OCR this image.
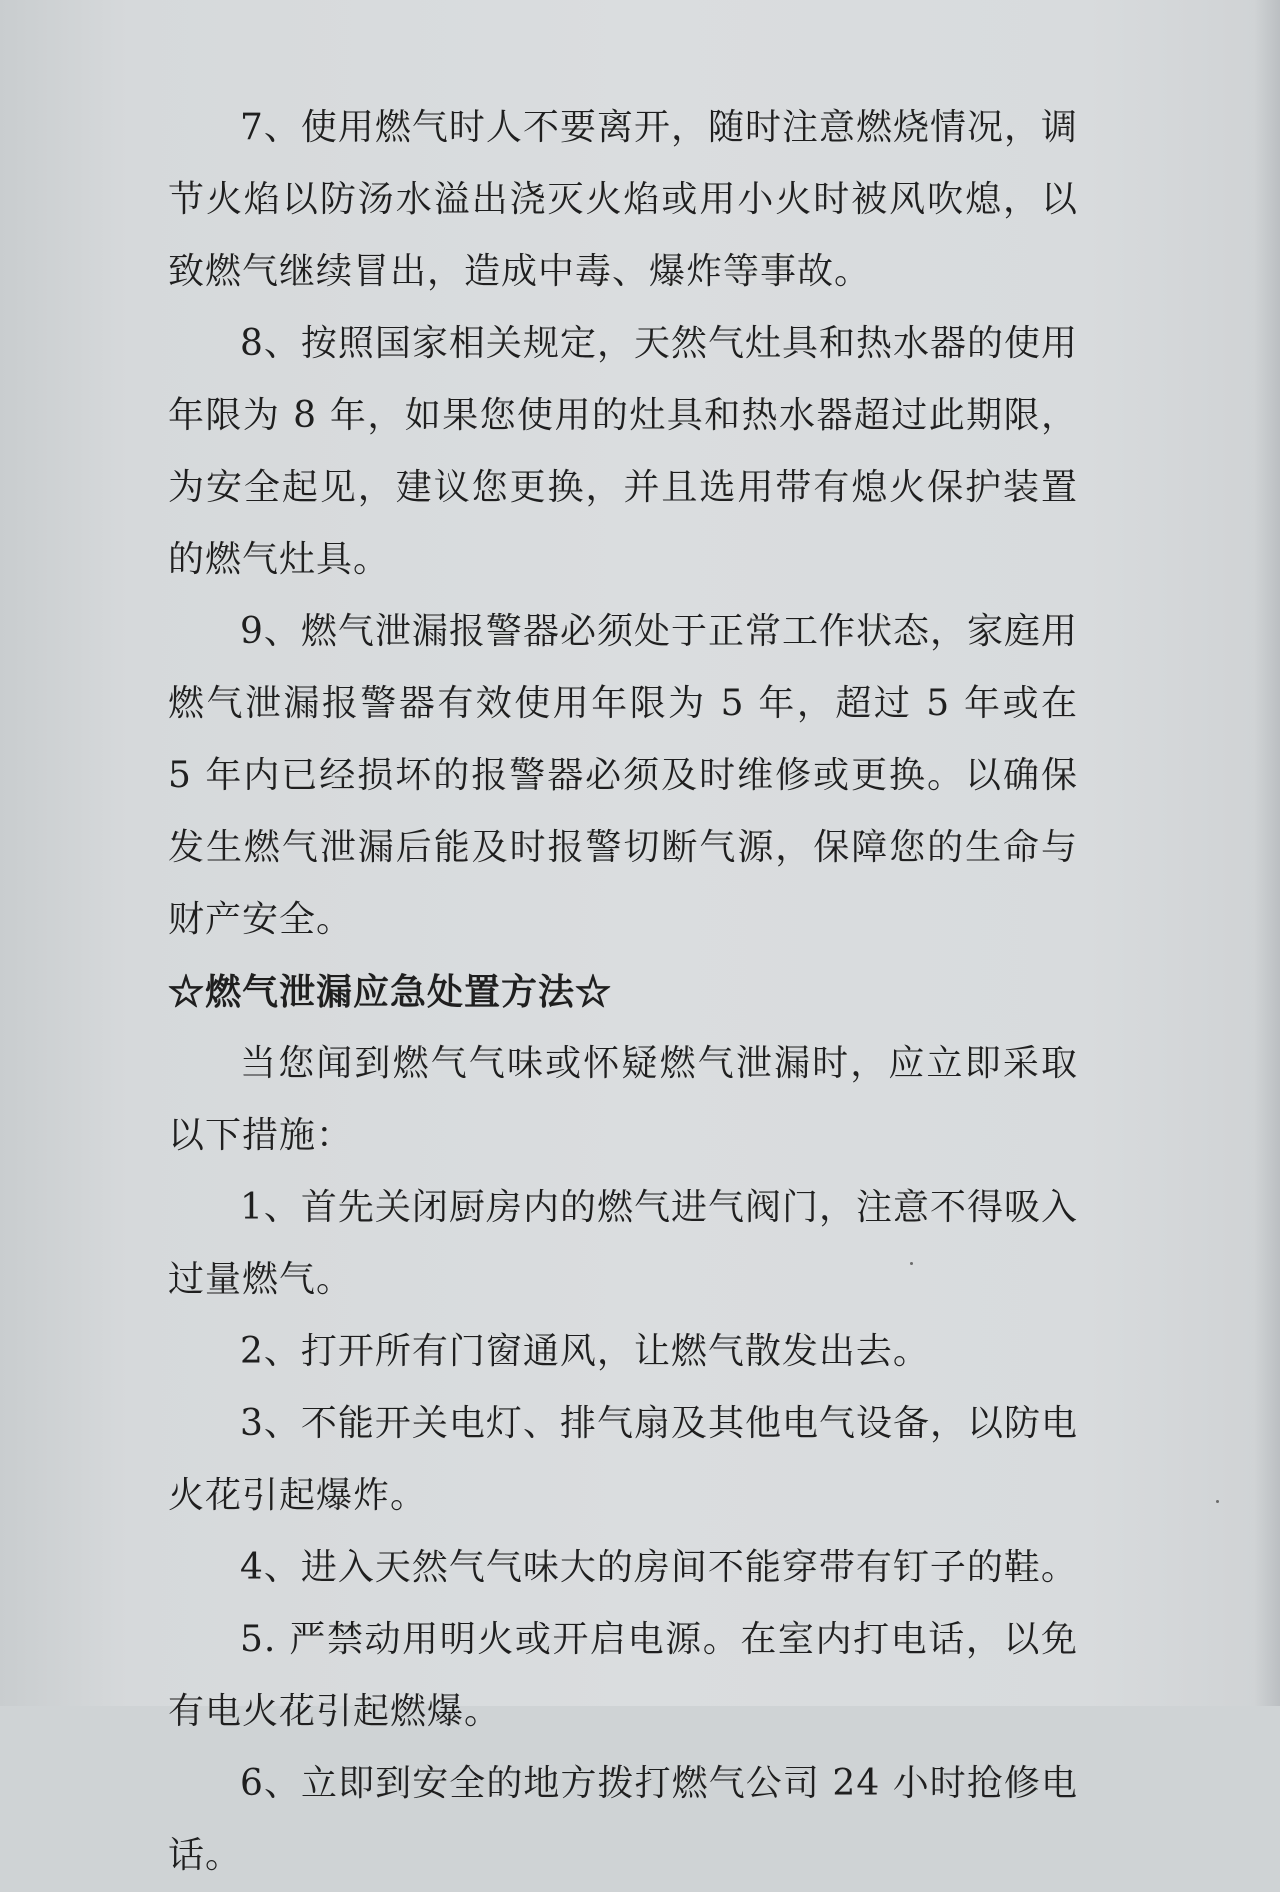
7、使用燃气时人不要离开，随时注意燃烧情况，调节火焰以防汤水溢出浇灭火焰或用小火时被风吹熄，以致燃气继续冒出，造成中毒、爆炸等事故。

8、按照国家相关规定，天然气灶具和热水器的使用年限为 8 年，如果您使用的灶具和热水器超过此期限，为安全起见，建议您更换，并且选用带有熄火保护装置的燃气灶具。

9、燃气泄漏报警器必须处于正常工作状态，家庭用燃气泄漏报警器有效使用年限为 5 年，超过 5 年或在 5 年内已经损坏的报警器必须及时维修或更换。以确保发生燃气泄漏后能及时报警切断气源，保障您的生命与财产安全。

☆燃气泄漏应急处置方法☆

当您闻到燃气气味或怀疑燃气泄漏时，应立即采取以下措施：

1、首先关闭厨房内的燃气进气阀门，注意不得吸入过量燃气。

2、打开所有门窗通风，让燃气散发出去。

3、不能开关电灯、排气扇及其他电气设备，以防电火花引起爆炸。

4、进入天然气气味大的房间不能穿带有钉子的鞋。

5. 严禁动用明火或开启电源。在室内打电话，以免有电火花引起燃爆。

6、立即到安全的地方拨打燃气公司 24 小时抢修电话。
